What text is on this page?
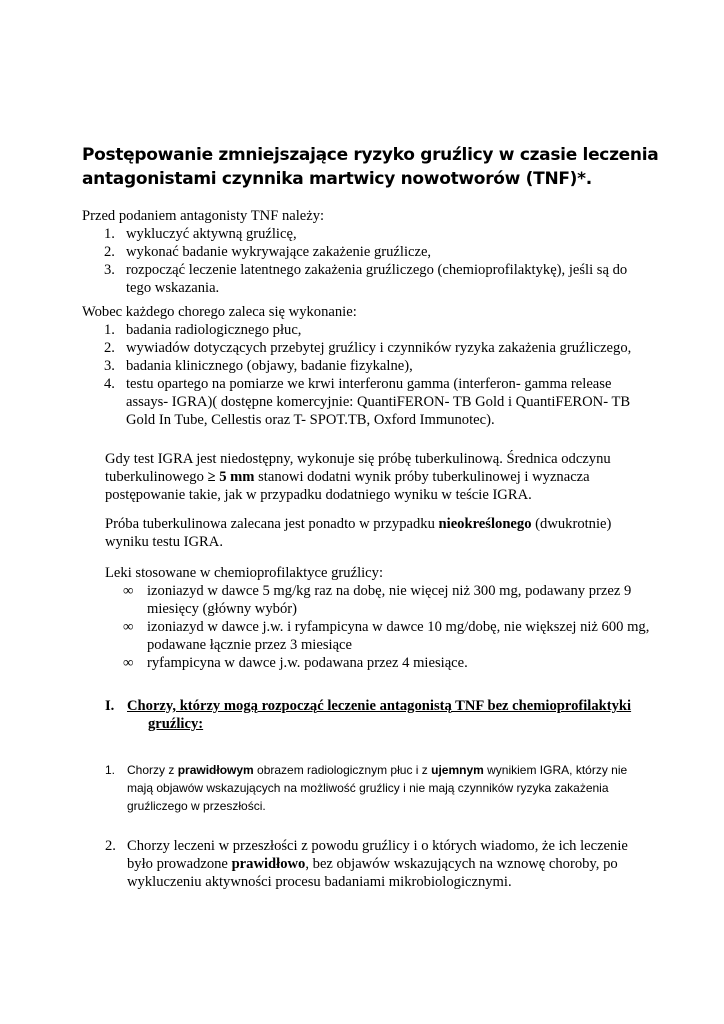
Postępowanie zmniejszające ryzyko gruźlicy w czasie leczenia
antagonistami czynnika martwicy nowotworów (TNF)*.
Przed podaniem antagonisty TNF należy:
1. wykluczyć aktywną gruźlicę,
2. wykonać badanie wykrywające zakażenie gruźlicze,
3. rozpocząć leczenie latentnego zakażenia gruźliczego (chemioprofilaktykę), jeśli są do
tego wskazania.
Wobec każdego chorego zaleca się wykonanie:
1. badania radiologicznego płuc,
2. wywiadów dotyczących przebytej gruźlicy i czynników ryzyka zakażenia gruźliczego,
3. badania klinicznego (objawy, badanie fizykalne),
4. testu opartego na pomiarze we krwi interferonu gamma (interferon- gamma release
assays- IGRA)( dostępne komercyjnie: QuantiFERON- TB Gold i QuantiFERON- TB
Gold In Tube, Cellestis oraz T- SPOT.TB, Oxford Immunotec).
Gdy test IGRA jest niedostępny, wykonuje się próbę tuberkulinową. Średnica odczynu
tuberkulinowego ≥ 5 mm stanowi dodatni wynik próby tuberkulinowej i wyznacza
postępowanie takie, jak w przypadku dodatniego wyniku w teście IGRA.
Próba tuberkulinowa zalecana jest ponadto w przypadku nieokreślonego (dwukrotnie)
wyniku testu IGRA.
Leki stosowane w chemioprofilaktyce gruźlicy:
∞ izoniazyd w dawce 5 mg/kg raz na dobę, nie więcej niż 300 mg, podawany przez 9
miesięcy (główny wybór)
∞ izoniazyd w dawce j.w. i ryfampicyna w dawce 10 mg/dobę, nie większej niż 600 mg,
podawane łącznie przez 3 miesiące
∞ ryfampicyna w dawce j.w. podawana przez 4 miesiące.
I. Chorzy, którzy mogą rozpocząć leczenie antagonistą TNF bez chemioprofilaktyki
gruźlicy:
1. Chorzy z prawidłowym obrazem radiologicznym płuc i z ujemnym wynikiem IGRA, którzy nie
mają objawów wskazujących na możliwość gruźlicy i nie mają czynników ryzyka zakażenia
gruźliczego w przeszłości.
2. Chorzy leczeni w przeszłości z powodu gruźlicy i o których wiadomo, że ich leczenie
było prowadzone prawidłowo, bez objawów wskazujących na wznowę choroby, po
wykluczeniu aktywności procesu badaniami mikrobiologicznymi.
